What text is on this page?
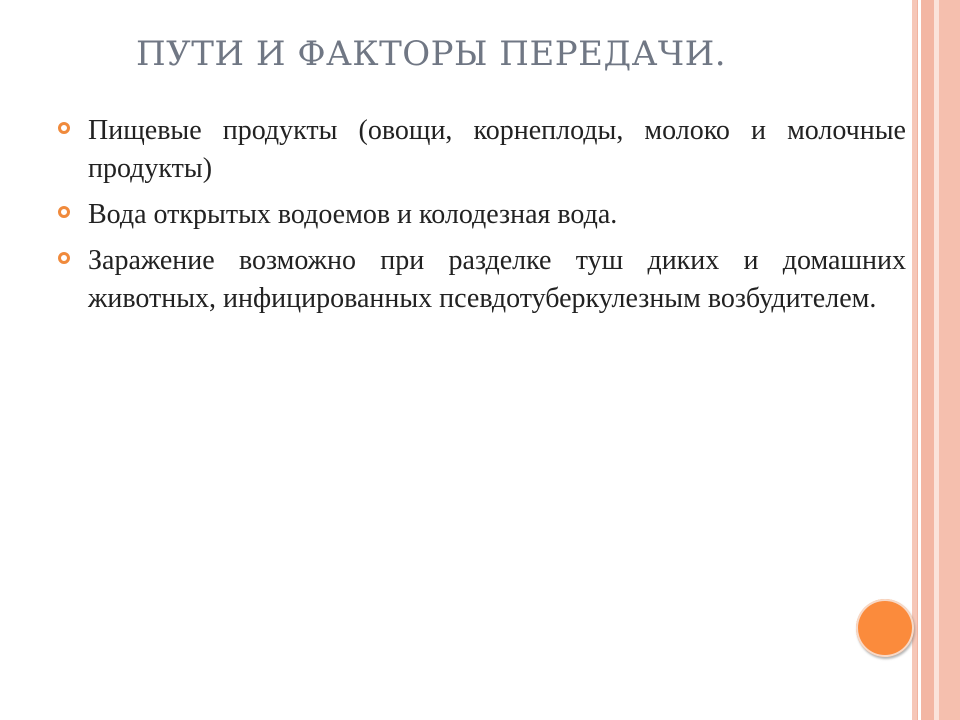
ПУТИ И ФАКТОРЫ ПЕРЕДАЧИ.
Пищевые продукты (овощи, корнеплоды, молоко и молочные продукты)
Вода открытых водоемов и колодезная вода.
Заражение возможно при разделке туш диких и домашних животных, инфицированных псевдотуберкулезным возбудителем.
